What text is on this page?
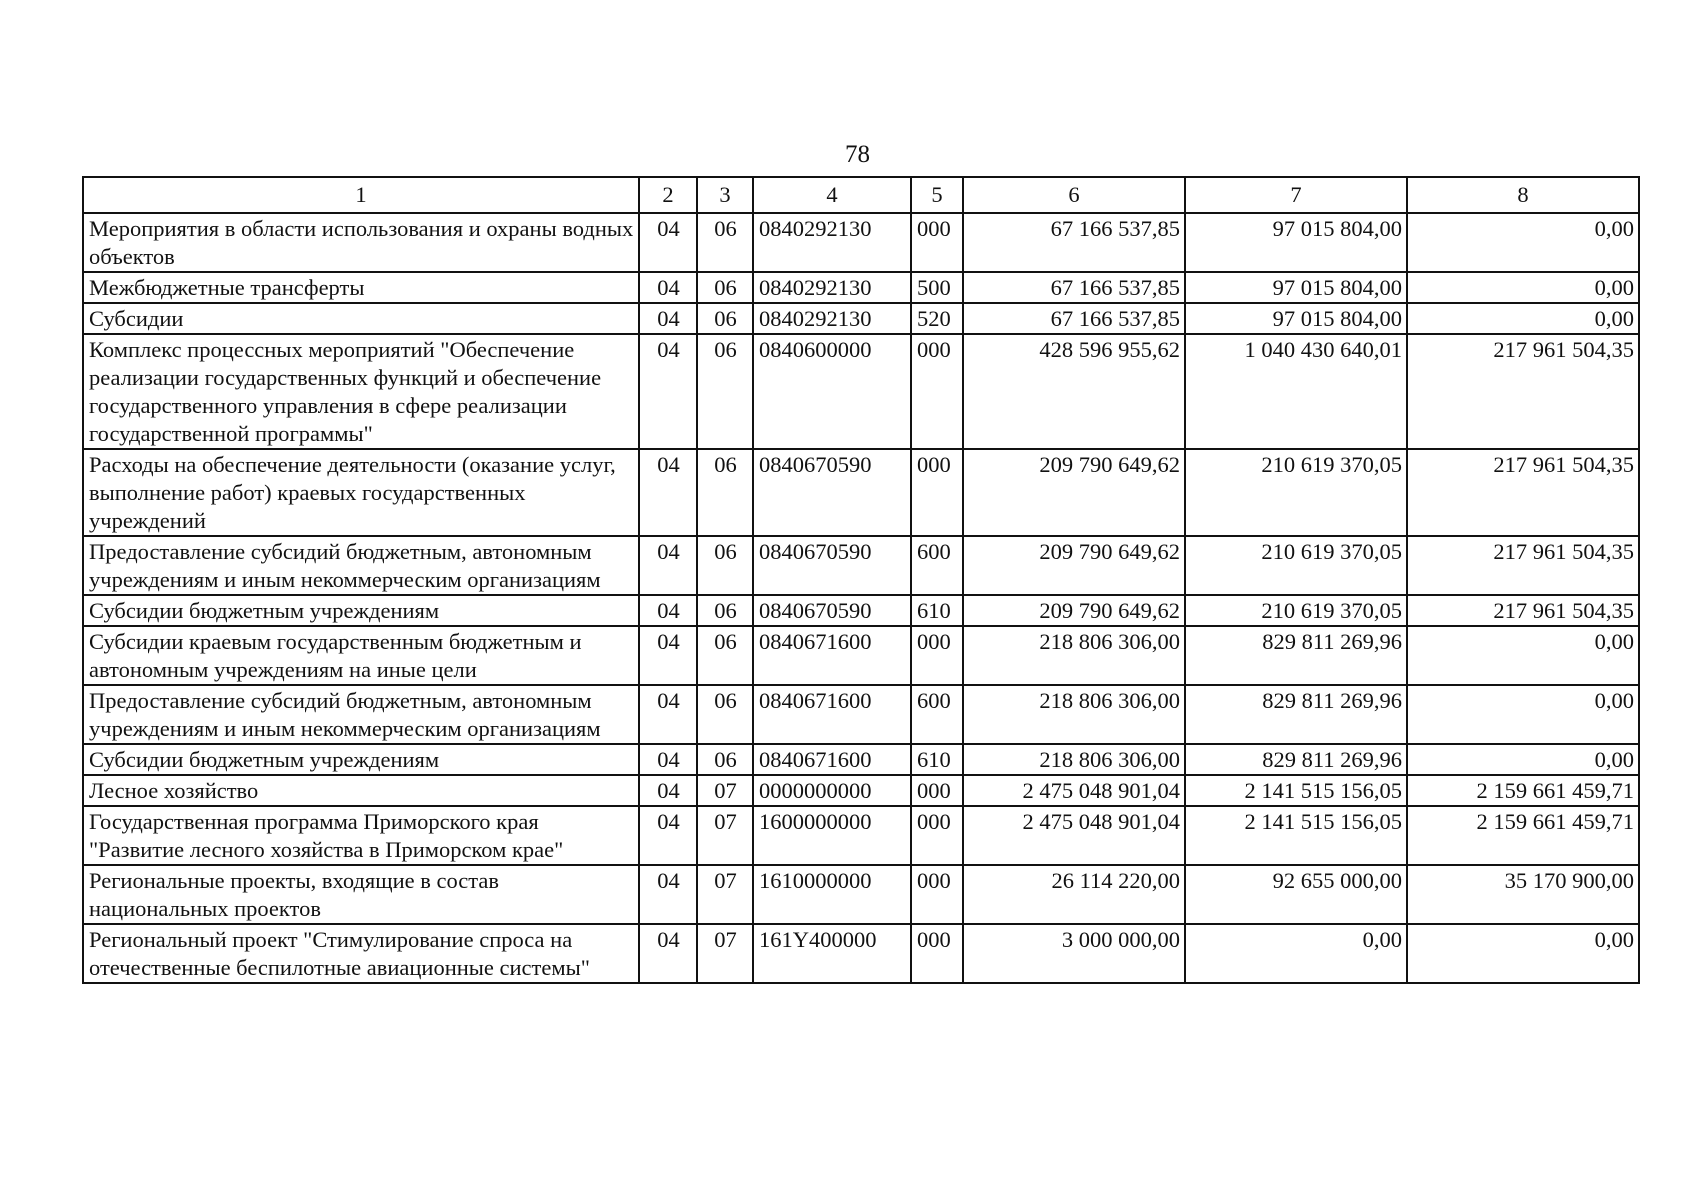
78
1	2	3	4	5	6	7	8
Мероприятия в области использования и охраны водных объектов	04	06	0840292130	000	67 166 537,85	97 015 804,00	0,00
Межбюджетные трансферты	04	06	0840292130	500	67 166 537,85	97 015 804,00	0,00
Субсидии	04	06	0840292130	520	67 166 537,85	97 015 804,00	0,00
Комплекс процессных мероприятий "Обеспечение реализации государственных функций и обеспечение государственного управления в сфере реализации государственной программы"	04	06	0840600000	000	428 596 955,62	1 040 430 640,01	217 961 504,35
Расходы на обеспечение деятельности (оказание услуг, выполнение работ) краевых государственных учреждений	04	06	0840670590	000	209 790 649,62	210 619 370,05	217 961 504,35
Предоставление субсидий бюджетным, автономным учреждениям и иным некоммерческим организациям	04	06	0840670590	600	209 790 649,62	210 619 370,05	217 961 504,35
Субсидии бюджетным учреждениям	04	06	0840670590	610	209 790 649,62	210 619 370,05	217 961 504,35
Субсидии краевым государственным бюджетным и автономным учреждениям на иные цели	04	06	0840671600	000	218 806 306,00	829 811 269,96	0,00
Предоставление субсидий бюджетным, автономным учреждениям и иным некоммерческим организациям	04	06	0840671600	600	218 806 306,00	829 811 269,96	0,00
Субсидии бюджетным учреждениям	04	06	0840671600	610	218 806 306,00	829 811 269,96	0,00
Лесное хозяйство	04	07	0000000000	000	2 475 048 901,04	2 141 515 156,05	2 159 661 459,71
Государственная программа Приморского края "Развитие лесного хозяйства в Приморском крае"	04	07	1600000000	000	2 475 048 901,04	2 141 515 156,05	2 159 661 459,71
Региональные проекты, входящие в состав национальных проектов	04	07	1610000000	000	26 114 220,00	92 655 000,00	35 170 900,00
Региональный проект "Стимулирование спроса на отечественные беспилотные авиационные системы"	04	07	161Y400000	000	3 000 000,00	0,00	0,00
